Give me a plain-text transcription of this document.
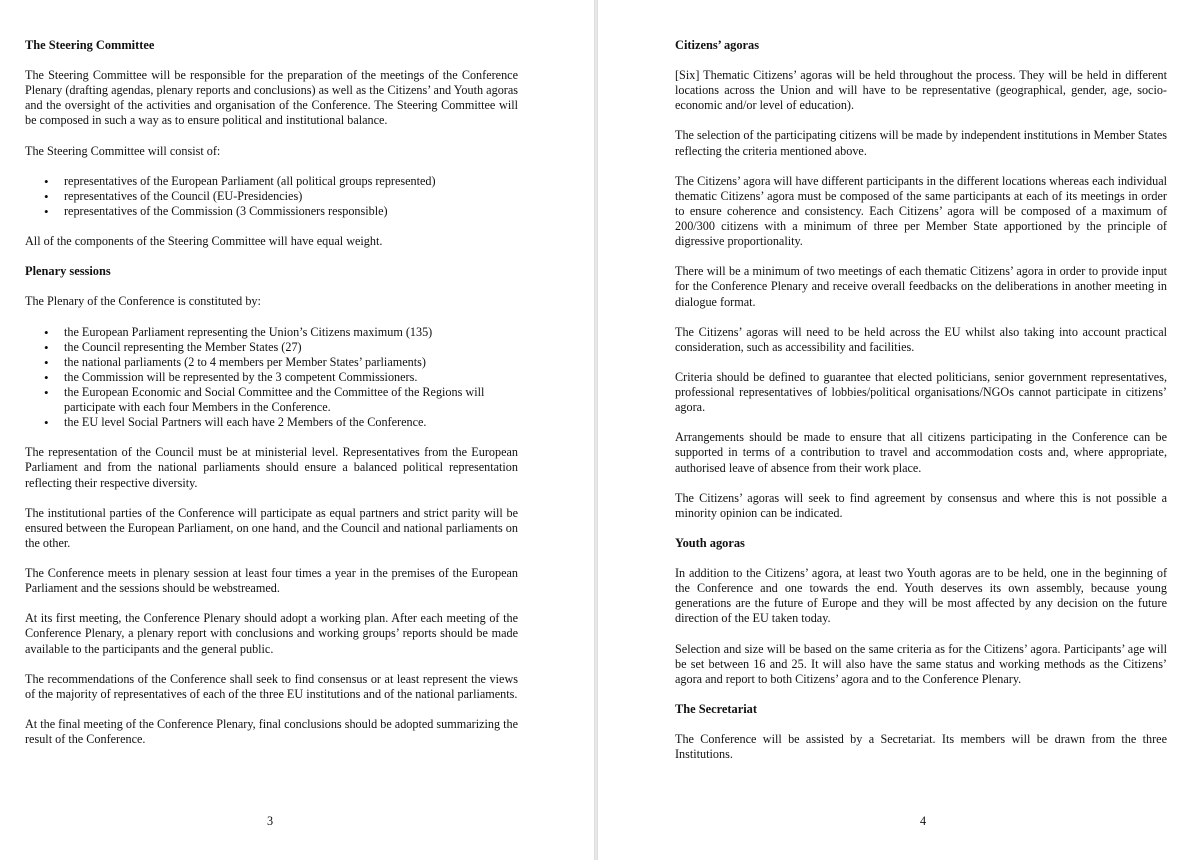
The Steering Committee

The Steering Committee will be responsible for the preparation of the meetings of the Conference Plenary (drafting agendas, plenary reports and conclusions) as well as the Citizens’ and Youth agoras and the oversight of the activities and organisation of the Conference. The Steering Committee will be composed in such a way as to ensure political and institutional balance.

The Steering Committee will consist of:

• representatives of the European Parliament (all political groups represented)
• representatives of the Council (EU-Presidencies)
• representatives of the Commission (3 Commissioners responsible)

All of the components of the Steering Committee will have equal weight.

Plenary sessions

The Plenary of the Conference is constituted by:

• the European Parliament representing the Union’s Citizens maximum (135)
• the Council representing the Member States (27)
• the national parliaments (2 to 4 members per Member States’ parliaments)
• the Commission will be represented by the 3 competent Commissioners.
• the European Economic and Social Committee and the Committee of the Regions will participate with each four Members in the Conference.
• the EU level Social Partners will each have 2 Members of the Conference.

The representation of the Council must be at ministerial level. Representatives from the European Parliament and from the national parliaments should ensure a balanced political representation reflecting their respective diversity.

The institutional parties of the Conference will participate as equal partners and strict parity will be ensured between the European Parliament, on one hand, and the Council and national parliaments on the other.

The Conference meets in plenary session at least four times a year in the premises of the European Parliament and the sessions should be webstreamed.

At its first meeting, the Conference Plenary should adopt a working plan. After each meeting of the Conference Plenary, a plenary report with conclusions and working groups’ reports should be made available to the participants and the general public.

The recommendations of the Conference shall seek to find consensus or at least represent the views of the majority of representatives of each of the three EU institutions and of the national parliaments.

At the final meeting of the Conference Plenary, final conclusions should be adopted summarizing the result of the Conference.

3
Citizens’ agoras

[Six] Thematic Citizens’ agoras will be held throughout the process. They will be held in different locations across the Union and will have to be representative (geographical, gender, age, socio-economic and/or level of education).

The selection of the participating citizens will be made by independent institutions in Member States reflecting the criteria mentioned above.

The Citizens’ agora will have different participants in the different locations whereas each individual thematic Citizens’ agora must be composed of the same participants at each of its meetings in order to ensure coherence and consistency. Each Citizens’ agora will be composed of a maximum of 200/300 citizens with a minimum of three per Member State apportioned by the principle of digressive proportionality.

There will be a minimum of two meetings of each thematic Citizens’ agora in order to provide input for the Conference Plenary and receive overall feedbacks on the deliberations in another meeting in dialogue format.

The Citizens’ agoras will need to be held across the EU whilst also taking into account practical consideration, such as accessibility and facilities.

Criteria should be defined to guarantee that elected politicians, senior government representatives, professional representatives of lobbies/political organisations/NGOs cannot participate in citizens’ agora.

Arrangements should be made to ensure that all citizens participating in the Conference can be supported in terms of a contribution to travel and accommodation costs and, where appropriate, authorised leave of absence from their work place.

The Citizens’ agoras will seek to find agreement by consensus and where this is not possible a minority opinion can be indicated.

Youth agoras

In addition to the Citizens’ agora, at least two Youth agoras are to be held, one in the beginning of the Conference and one towards the end. Youth deserves its own assembly, because young generations are the future of Europe and they will be most affected by any decision on the future direction of the EU taken today.

Selection and size will be based on the same criteria as for the Citizens’ agora. Participants’ age will be set between 16 and 25. It will also have the same status and working methods as the Citizens’ agora and report to both Citizens’ agora and to the Conference Plenary.

The Secretariat

The Conference will be assisted by a Secretariat. Its members will be drawn from the three Institutions.

4
